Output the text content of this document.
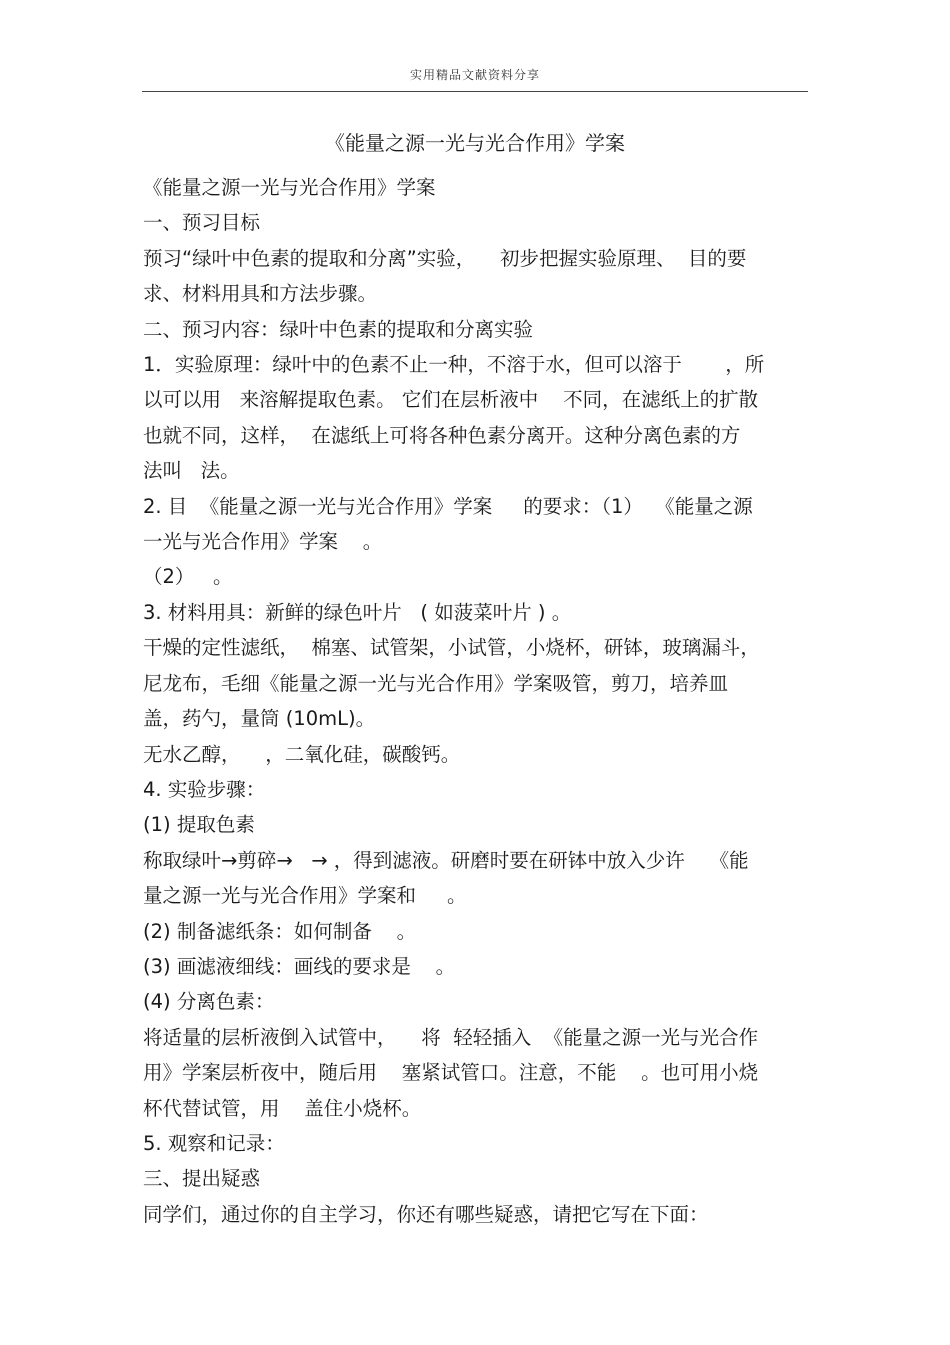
实用精品文献资料分享
《能量之源一光与光合作用》学案

《能量之源一光与光合作用》学案

一、预习目标

预习“绿叶中色素的提取和分离”实验，    初步把握实验原理、  目的要

求、材料用具和方法步骤。

二、预习内容：绿叶中色素的提取和分离实验

1．实验原理：绿叶中的色素不止一种，不溶于水，但可以溶于       ，所

以可以用   来溶解提取色素。 它们在层析液中    不同，在滤纸上的扩散

也就不同，这样，  在滤纸上可将各种色素分离开。这种分离色素的方

法叫   法。

2. 目  《能量之源一光与光合作用》学案     的要求：（1）  《能量之源

一光与光合作用》学案    。

（2）   。

3. 材料用具：新鲜的绿色叶片   ( 如菠菜叶片 ) 。

干燥的定性滤纸，  棉塞、试管架，小试管，小烧杯，研钵，玻璃漏斗，

尼龙布，毛细《能量之源一光与光合作用》学案吸管，剪刀，培养皿

盖，药勺，量筒 (10mL)。

无水乙醇，    ，二氧化硅，碳酸钙。

4. 实验步骤：

(1) 提取色素

称取绿叶→剪碎→   → ，得到滤液。研磨时要在研钵中放入少许    《能

量之源一光与光合作用》学案和     。

(2) 制备滤纸条：如何制备    。

(3) 画滤液细线：画线的要求是    。

(4) 分离色素：

将适量的层析液倒入试管中，    将  轻轻插入  《能量之源一光与光合作

用》学案层析夜中，随后用    塞紧试管口。注意，不能    。也可用小烧

杯代替试管，用    盖住小烧杯。

5. 观察和记录：

三、提出疑惑

同学们，通过你的自主学习，你还有哪些疑惑，请把它写在下面：
